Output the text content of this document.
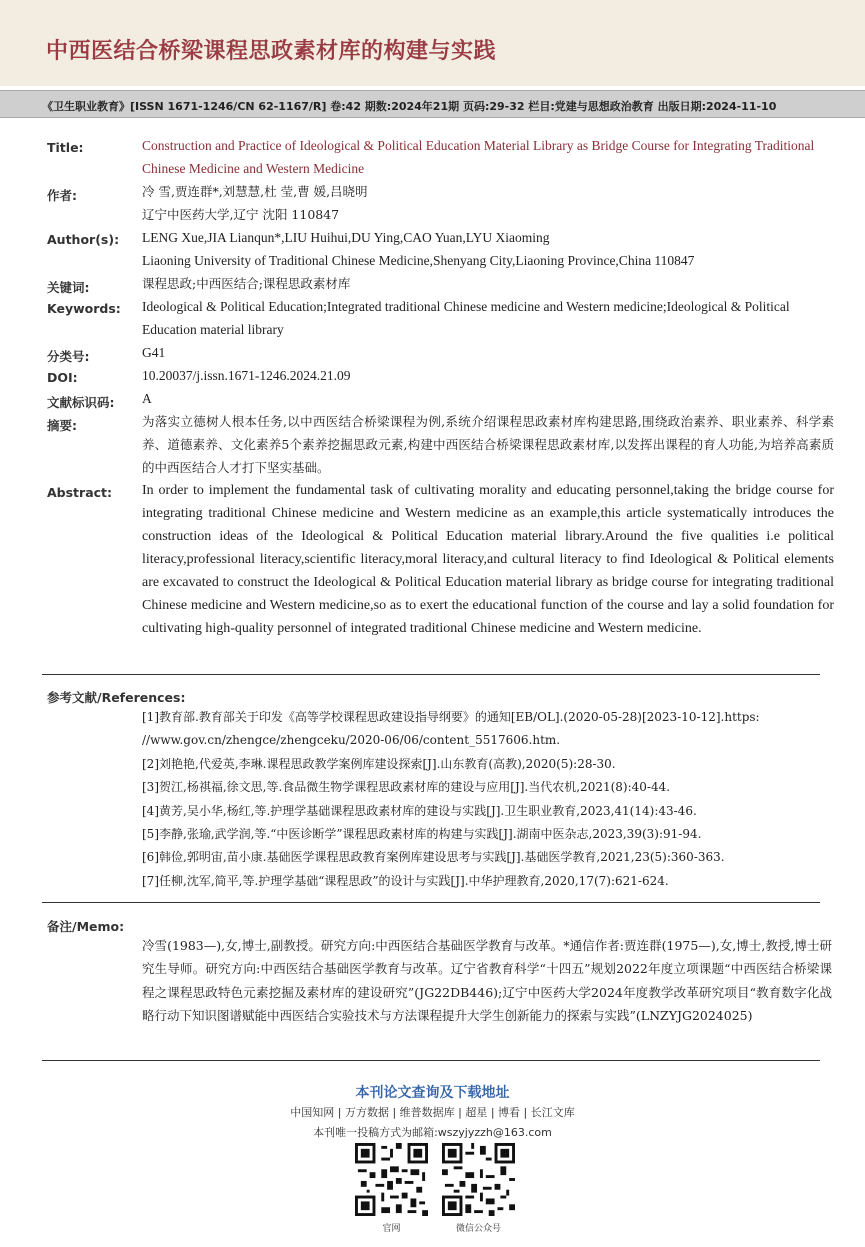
中西医结合桥梁课程思政素材库的构建与实践
《卫生职业教育》[ISSN 1671-1246/CN 62-1167/R] 卷:42 期数:2024年21期 页码:29-32 栏目:党建与思想政治教育 出版日期:2024-11-10
Title:	Construction and Practice of Ideological & Political Education Material Library as Bridge Course for Integrating Traditional Chinese Medicine and Western Medicine
作者:	冷 雪,贾连群*,刘慧慧,杜 莹,曹 媛,吕晓明
辽宁中医药大学,辽宁 沈阳 110847
Author(s): LENG Xue,JIA Lianqun*,LIU Huihui,DU Ying,CAO Yuan,LYU Xiaoming
Liaoning University of Traditional Chinese Medicine,Shenyang City,Liaoning Province,China 110847
关键词:	课程思政;中西医结合;课程思政素材库
Keywords: Ideological & Political Education;Integrated traditional Chinese medicine and Western medicine;Ideological & Political Education material library
分类号:	G41
DOI:	10.20037/j.issn.1671-1246.2024.21.09
文献标识码: A
摘要:	为落实立德树人根本任务,以中西医结合桥梁课程为例,系统介绍课程思政素材库构建思路,围绕政治素养、职业素养、科学素养、道德素养、文化素养5个素养挖掘思政元素,构建中西医结合桥梁课程思政素材库,以发挥出课程的育人功能,为培养高素质的中西医结合人才打下坚实基础。
Abstract: In order to implement the fundamental task of cultivating morality and educating personnel,taking the bridge course for integrating traditional Chinese medicine and Western medicine as an example,this article systematically introduces the construction ideas of the Ideological & Political Education material library.Around the five qualities i.e political literacy,professional literacy,scientific literacy,moral literacy,and cultural literacy to find Ideological & Political elements are excavated to construct the Ideological & Political Education material library as bridge course for integrating traditional Chinese medicine and Western medicine,so as to exert the educational function of the course and lay a solid foundation for cultivating high-quality personnel of integrated traditional Chinese medicine and Western medicine.
参考文献/References:
[1]教育部.教育部关于印发《高等学校课程思政建设指导纲要》的通知[EB/OL].(2020-05-28)[2023-10-12].https:
//www.gov.cn/zhengce/zhengceku/2020-06/06/content_5517606.htm.
[2]刘艳艳,代爱英,李琳.课程思政教学案例库建设探索[J].山东教育(高教),2020(5):28-30.
[3]贺江,杨祺福,徐文思,等.食品微生物学课程思政素材库的建设与应用[J].当代农机,2021(8):40-44.
[4]黄芳,吴小华,杨红,等.护理学基础课程思政素材库的建设与实践[J].卫生职业教育,2023,41(14):43-46.
[5]李静,张瑜,武学润,等.“中医诊断学”课程思政素材库的构建与实践[J].湖南中医杂志,2023,39(3):91-94.
[6]韩俭,郭明宙,苗小康.基础医学课程思政教育案例库建设思考与实践[J].基础医学教育,2021,23(5):360-363.
[7]任柳,沈军,简平,等.护理学基础“课程思政”的设计与实践[J].中华护理教育,2020,17(7):621-624.
备注/Memo:
冷雪(1983—),女,博士,副教授。研究方向:中西医结合基础医学教育与改革。*通信作者:贾连群(1975—),女,博士,教授,博士研究生导师。研究方向:中西医结合基础医学教育与改革。辽宁省教育科学“十四五”规划2022年度立项课题“中西医结合桥梁课程之课程思政特色元素挖掘及素材库的建设研究”(JG22DB446);辽宁中医药大学2024年度教学改革研究项目“教育数字化战略行动下知识图谱赋能中西医结合实验技术与方法课程提升大学生创新能力的探索与实践”(LNZYJG2024025)
本刊论文查询及下载地址
中国知网 | 万方数据 | 维普数据库 | 超星 | 博看 | 长江文库
本刊唯一投稿方式为邮箱:wszyjyzzh@163.com
官网	微信公众号
